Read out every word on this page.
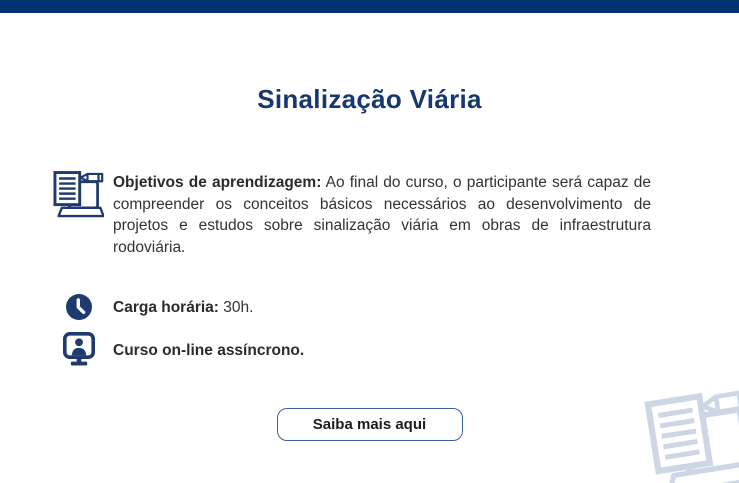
Sinalização Viária

Objetivos de aprendizagem: Ao final do curso, o participante será capaz de compreender os conceitos básicos necessários ao desenvolvimento de projetos e estudos sobre sinalização viária em obras de infraestrutura rodoviária.

Carga horária: 30h.

Curso on-line assíncrono.

Saiba mais aqui
